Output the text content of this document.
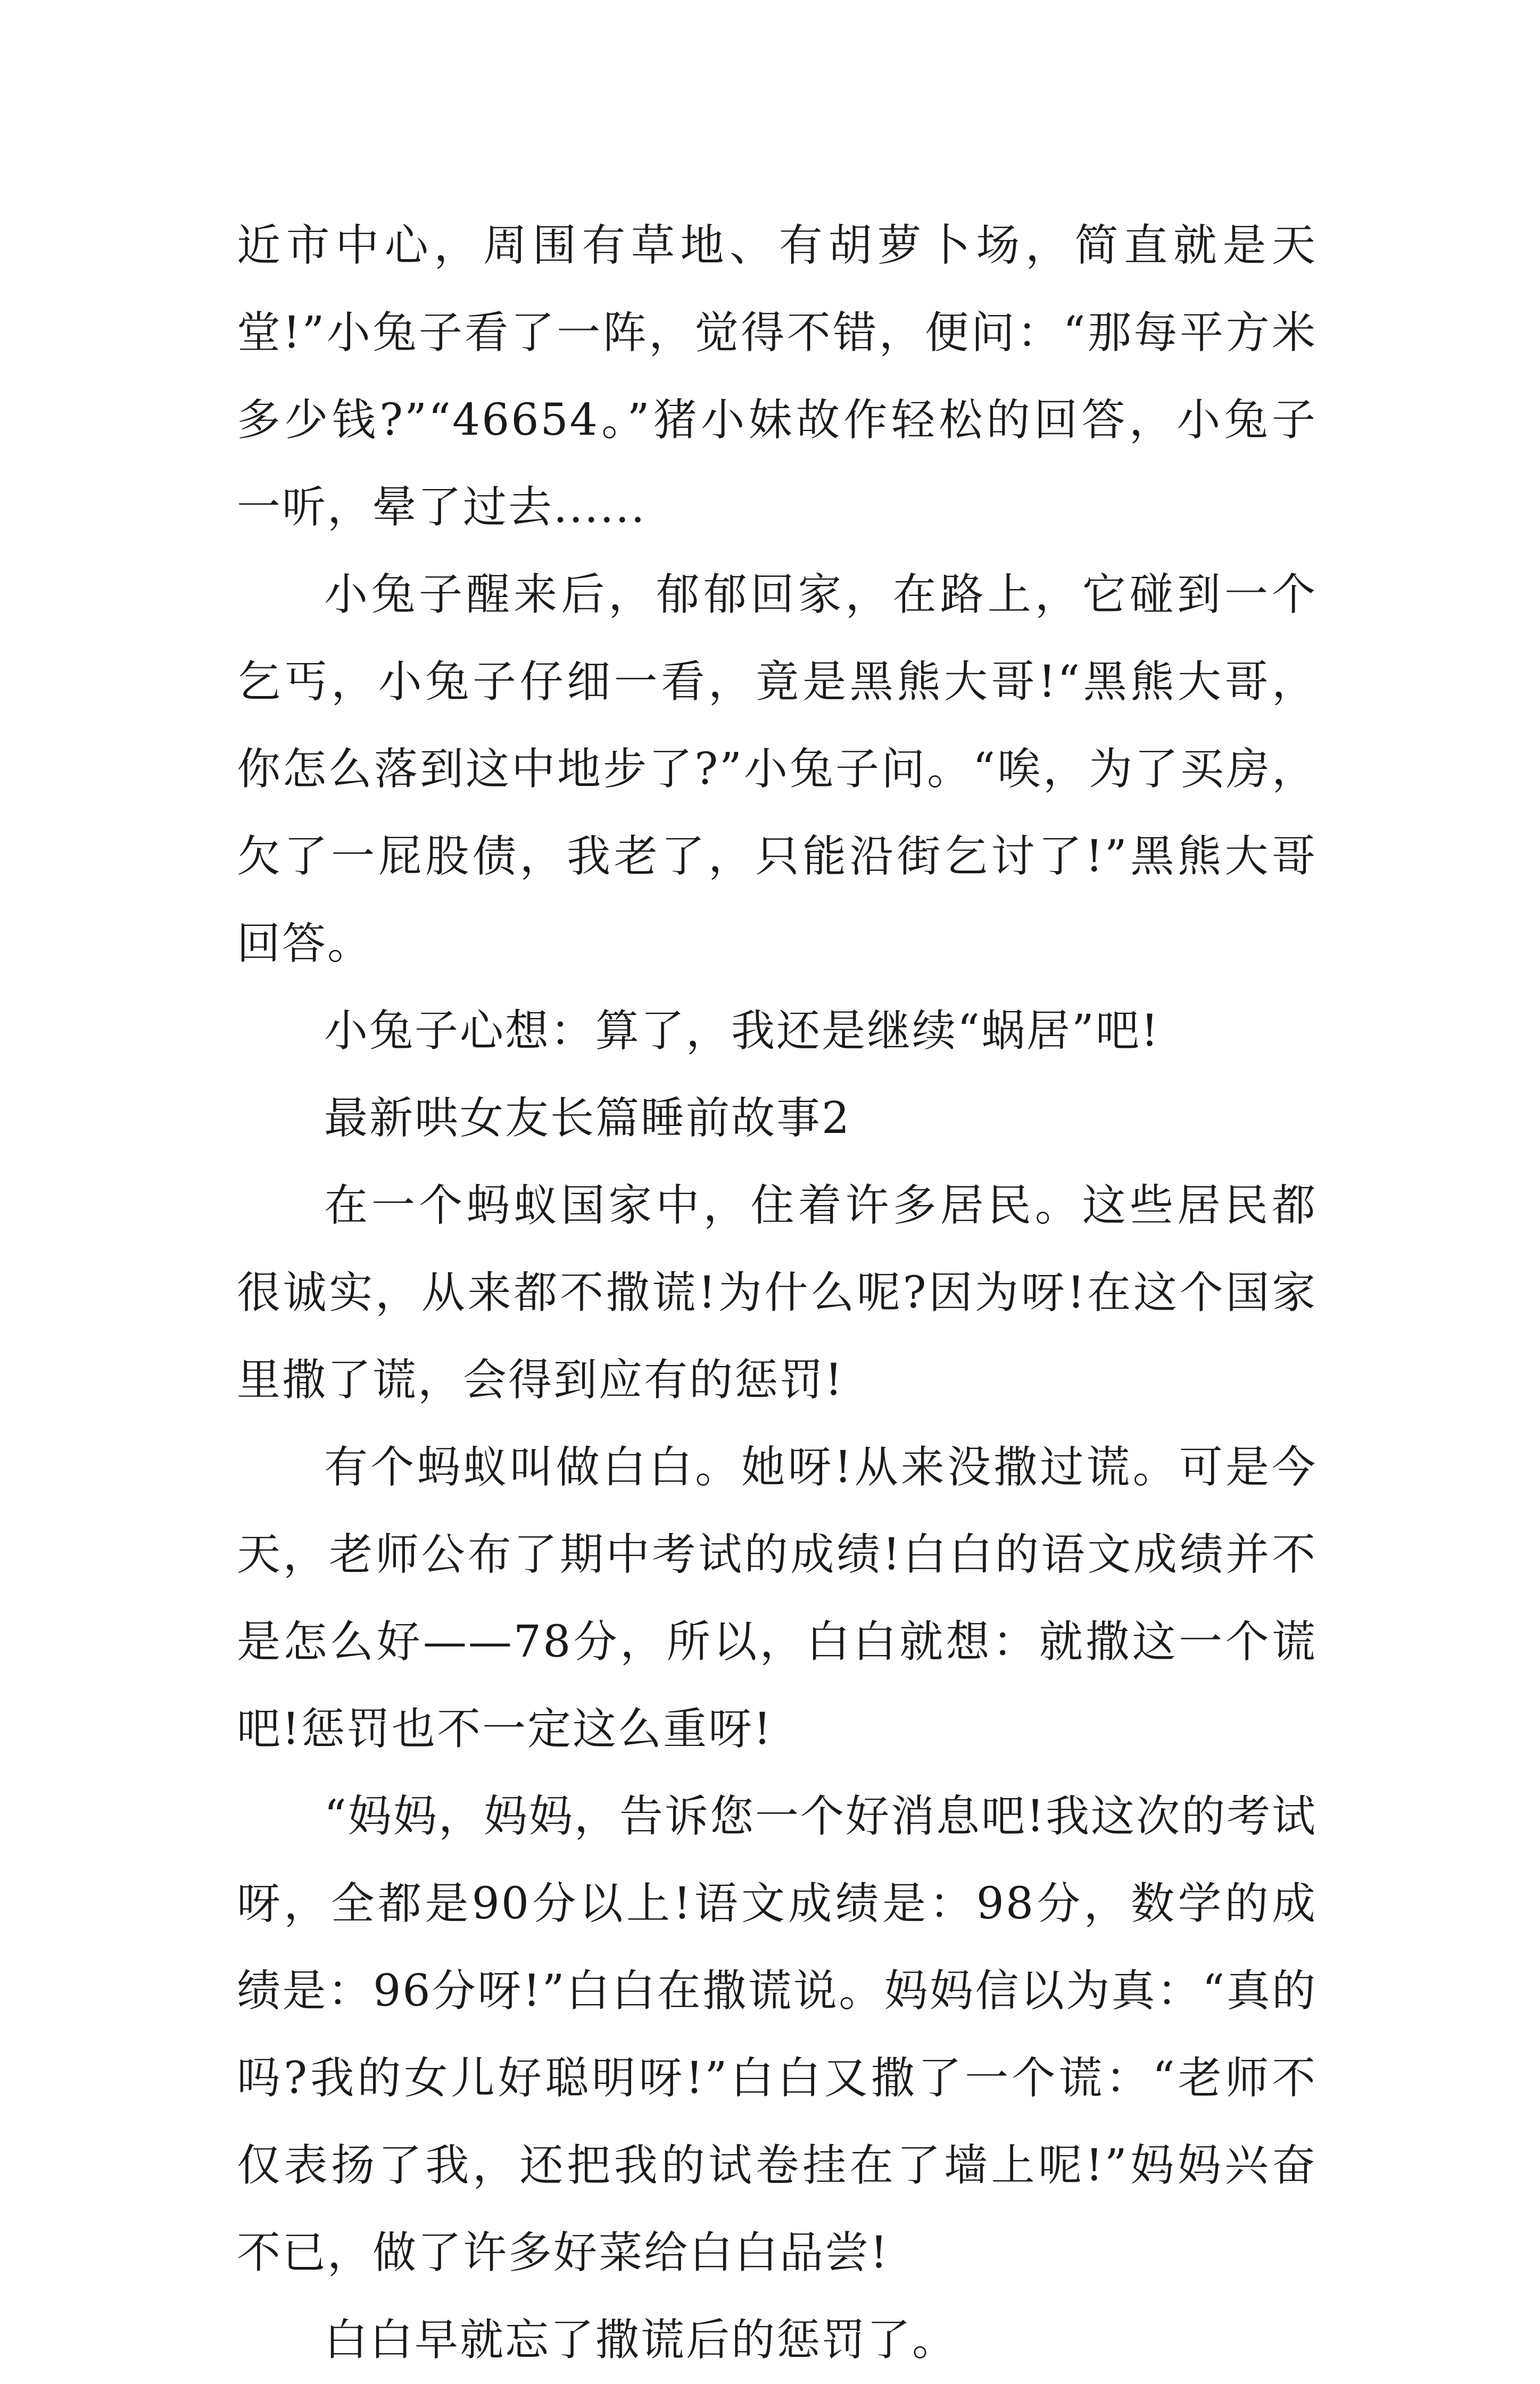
近市中心，周围有草地、有胡萝卜场，简直就是天堂!”小兔子看了一阵，觉得不错，便问：“那每平方米多少钱?”“46654。”猪小妹故作轻松的回答，小兔子一听，晕了过去......

小兔子醒来后，郁郁回家，在路上，它碰到一个乞丐，小兔子仔细一看，竟是黑熊大哥!“黑熊大哥，你怎么落到这中地步了?”小兔子问。“唉，为了买房，欠了一屁股债，我老了，只能沿街乞讨了!”黑熊大哥回答。

小兔子心想：算了，我还是继续“蜗居”吧!

最新哄女友长篇睡前故事2

在一个蚂蚁国家中，住着许多居民。这些居民都很诚实，从来都不撒谎!为什么呢?因为呀!在这个国家里撒了谎，会得到应有的惩罚!

有个蚂蚁叫做白白。她呀!从来没撒过谎。可是今天，老师公布了期中考试的成绩!白白的语文成绩并不是怎么好——78分，所以，白白就想：就撒这一个谎吧!惩罚也不一定这么重呀!

“妈妈，妈妈，告诉您一个好消息吧!我这次的考试呀，全都是90分以上!语文成绩是：98分，数学的成绩是：96分呀!”白白在撒谎说。妈妈信以为真：“真的吗?我的女儿好聪明呀!”白白又撒了一个谎：“老师不仅表扬了我，还把我的试卷挂在了墙上呢!”妈妈兴奋不已，做了许多好菜给白白品尝!

白白早就忘了撒谎后的惩罚了。
